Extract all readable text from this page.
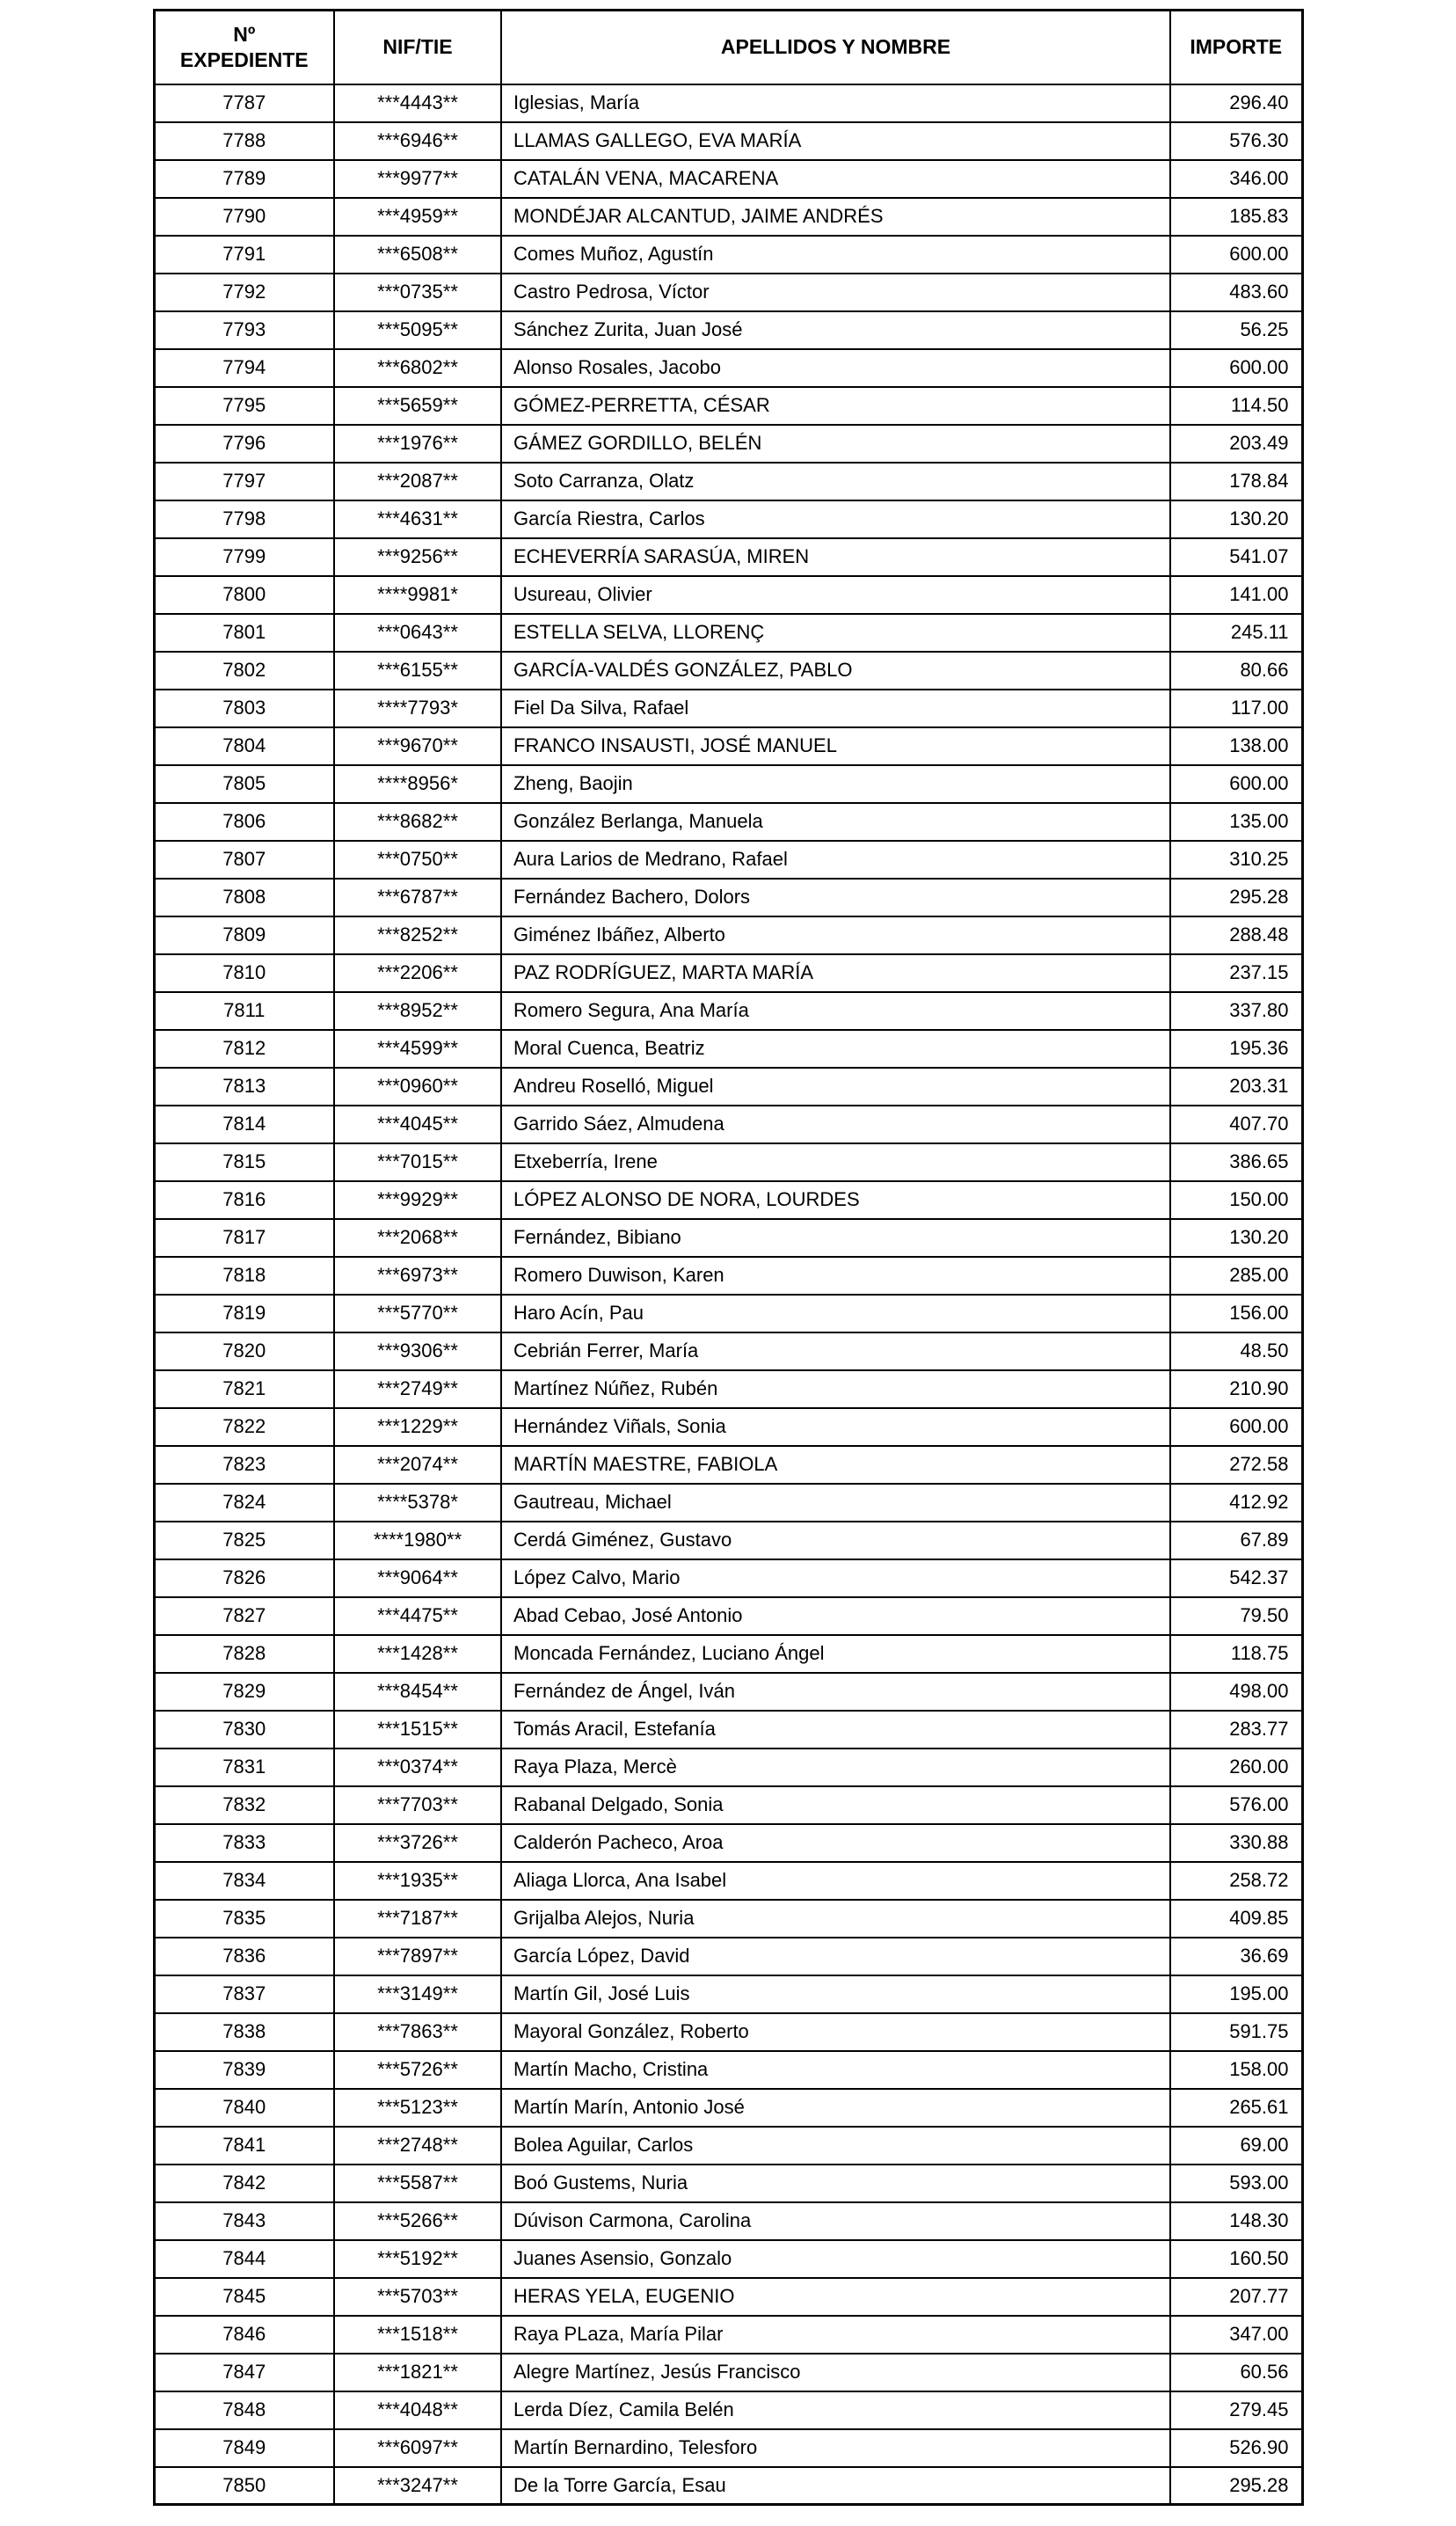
Nº
EXPEDIENTE	NIF/TIE	APELLIDOS Y NOMBRE	IMPORTE
7787	***4443**	Iglesias, María	296.40
7788	***6946**	LLAMAS GALLEGO, EVA MARÍA	576.30
7789	***9977**	CATALÁN VENA, MACARENA	346.00
7790	***4959**	MONDÉJAR ALCANTUD, JAIME ANDRÉS	185.83
7791	***6508**	Comes Muñoz, Agustín	600.00
7792	***0735**	Castro Pedrosa, Víctor	483.60
7793	***5095**	Sánchez Zurita, Juan José	56.25
7794	***6802**	Alonso Rosales, Jacobo	600.00
7795	***5659**	GÓMEZ-PERRETTA, CÉSAR	114.50
7796	***1976**	GÁMEZ GORDILLO, BELÉN	203.49
7797	***2087**	Soto Carranza, Olatz	178.84
7798	***4631**	García Riestra, Carlos	130.20
7799	***9256**	ECHEVERRÍA SARASÚA, MIREN	541.07
7800	****9981*	Usureau, Olivier	141.00
7801	***0643**	ESTELLA SELVA, LLORENÇ	245.11
7802	***6155**	GARCÍA-VALDÉS GONZÁLEZ, PABLO	80.66
7803	****7793*	Fiel Da Silva, Rafael	117.00
7804	***9670**	FRANCO INSAUSTI, JOSÉ MANUEL	138.00
7805	****8956*	Zheng, Baojin	600.00
7806	***8682**	González Berlanga, Manuela	135.00
7807	***0750**	Aura Larios de Medrano, Rafael	310.25
7808	***6787**	Fernández Bachero, Dolors	295.28
7809	***8252**	Giménez Ibáñez, Alberto	288.48
7810	***2206**	PAZ RODRÍGUEZ, MARTA MARÍA	237.15
7811	***8952**	Romero Segura, Ana María	337.80
7812	***4599**	Moral Cuenca, Beatriz	195.36
7813	***0960**	Andreu Roselló, Miguel	203.31
7814	***4045**	Garrido Sáez, Almudena	407.70
7815	***7015**	Etxeberría, Irene	386.65
7816	***9929**	LÓPEZ ALONSO DE NORA, LOURDES	150.00
7817	***2068**	Fernández, Bibiano	130.20
7818	***6973**	Romero Duwison, Karen	285.00
7819	***5770**	Haro Acín, Pau	156.00
7820	***9306**	Cebrián Ferrer, María	48.50
7821	***2749**	Martínez Núñez, Rubén	210.90
7822	***1229**	Hernández Viñals, Sonia	600.00
7823	***2074**	MARTÍN MAESTRE, FABIOLA	272.58
7824	****5378*	Gautreau, Michael	412.92
7825	****1980**	Cerdá Giménez, Gustavo	67.89
7826	***9064**	López Calvo, Mario	542.37
7827	***4475**	Abad Cebao, José Antonio	79.50
7828	***1428**	Moncada Fernández, Luciano Ángel	118.75
7829	***8454**	Fernández de Ángel, Iván	498.00
7830	***1515**	Tomás Aracil, Estefanía	283.77
7831	***0374**	Raya Plaza, Mercè	260.00
7832	***7703**	Rabanal Delgado, Sonia	576.00
7833	***3726**	Calderón Pacheco, Aroa	330.88
7834	***1935**	Aliaga Llorca, Ana Isabel	258.72
7835	***7187**	Grijalba Alejos, Nuria	409.85
7836	***7897**	García López, David	36.69
7837	***3149**	Martín Gil, José Luis	195.00
7838	***7863**	Mayoral González, Roberto	591.75
7839	***5726**	Martín Macho, Cristina	158.00
7840	***5123**	Martín Marín, Antonio José	265.61
7841	***2748**	Bolea Aguilar, Carlos	69.00
7842	***5587**	Boó Gustems, Nuria	593.00
7843	***5266**	Dúvison Carmona, Carolina	148.30
7844	***5192**	Juanes Asensio, Gonzalo	160.50
7845	***5703**	HERAS YELA, EUGENIO	207.77
7846	***1518**	Raya PLaza, María Pilar	347.00
7847	***1821**	Alegre Martínez, Jesús Francisco	60.56
7848	***4048**	Lerda Díez, Camila Belén	279.45
7849	***6097**	Martín Bernardino, Telesforo	526.90
7850	***3247**	De la Torre García, Esau	295.28
